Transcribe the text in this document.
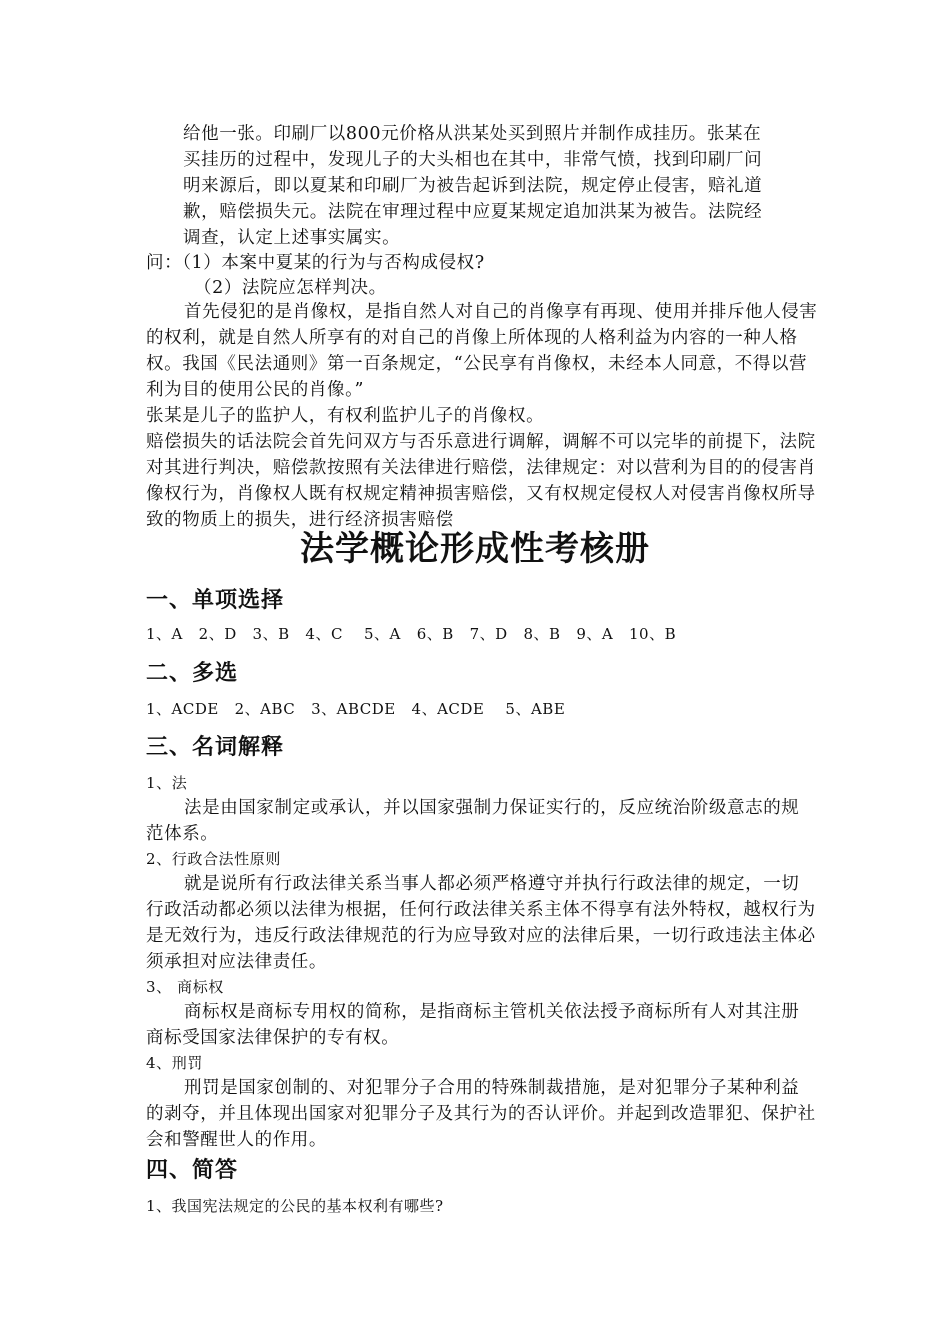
给他一张。印刷厂以800元价格从洪某处买到照片并制作成挂历。张某在

买挂历的过程中，发现儿子的大头相也在其中，非常气愤，找到印刷厂问

明来源后，即以夏某和印刷厂为被告起诉到法院，规定停止侵害，赔礼道

歉，赔偿损失元。法院在审理过程中应夏某规定追加洪某为被告。法院经

调查，认定上述事实属实。

问：（1）本案中夏某的行为与否构成侵权?
（2）法院应怎样判决。

首先侵犯的是肖像权，是指自然人对自己的肖像享有再现、使用并排斥他人侵害的权利，就是自然人所享有的对自己的肖像上所体现的人格利益为内容的一种人格权。我国《民法通则》第一百条规定，“公民享有肖像权，未经本人同意，不得以营利为目的使用公民的肖像。”

张某是儿子的监护人，有权利监护儿子的肖像权。

赔偿损失的话法院会首先问双方与否乐意进行调解，调解不可以完毕的前提下，法院对其进行判决，赔偿款按照有关法律进行赔偿，法律规定：对以营利为目的的侵害肖像权行为，肖像权人既有权规定精神损害赔偿，又有权规定侵权人对侵害肖像权所导致的物质上的损失，进行经济损害赔偿

法学概论形成性考核册
一、单项选择
1、A   2、D   3、B   4、C    5、A   6、B   7、D   8、B   9、A   10、B
二、多选
1、ACDE   2、ABC   3、ABCDE   4、ACDE    5、ABE
三、名词解释

1、法

法是由国家制定或承认，并以国家强制力保证实行的，反应统治阶级意志的规范体系。

2、行政合法性原则

就是说所有行政法律关系当事人都必须严格遵守并执行行政法律的规定，一切行政活动都必须以法律为根据，任何行政法律关系主体不得享有法外特权，越权行为是无效行为，违反行政法律规范的行为应导致对应的法律后果，一切行政违法主体必须承担对应法律责任。

3、 商标权

商标权是商标专用权的简称，是指商标主管机关依法授予商标所有人对其注册商标受国家法律保护的专有权。

4、刑罚

刑罚是国家创制的、对犯罪分子合用的特殊制裁措施，是对犯罪分子某种利益的剥夺，并且体现出国家对犯罪分子及其行为的否认评价。并起到改造罪犯、保护社会和警醒世人的作用。

四、简答
1、我国宪法规定的公民的基本权利有哪些?
